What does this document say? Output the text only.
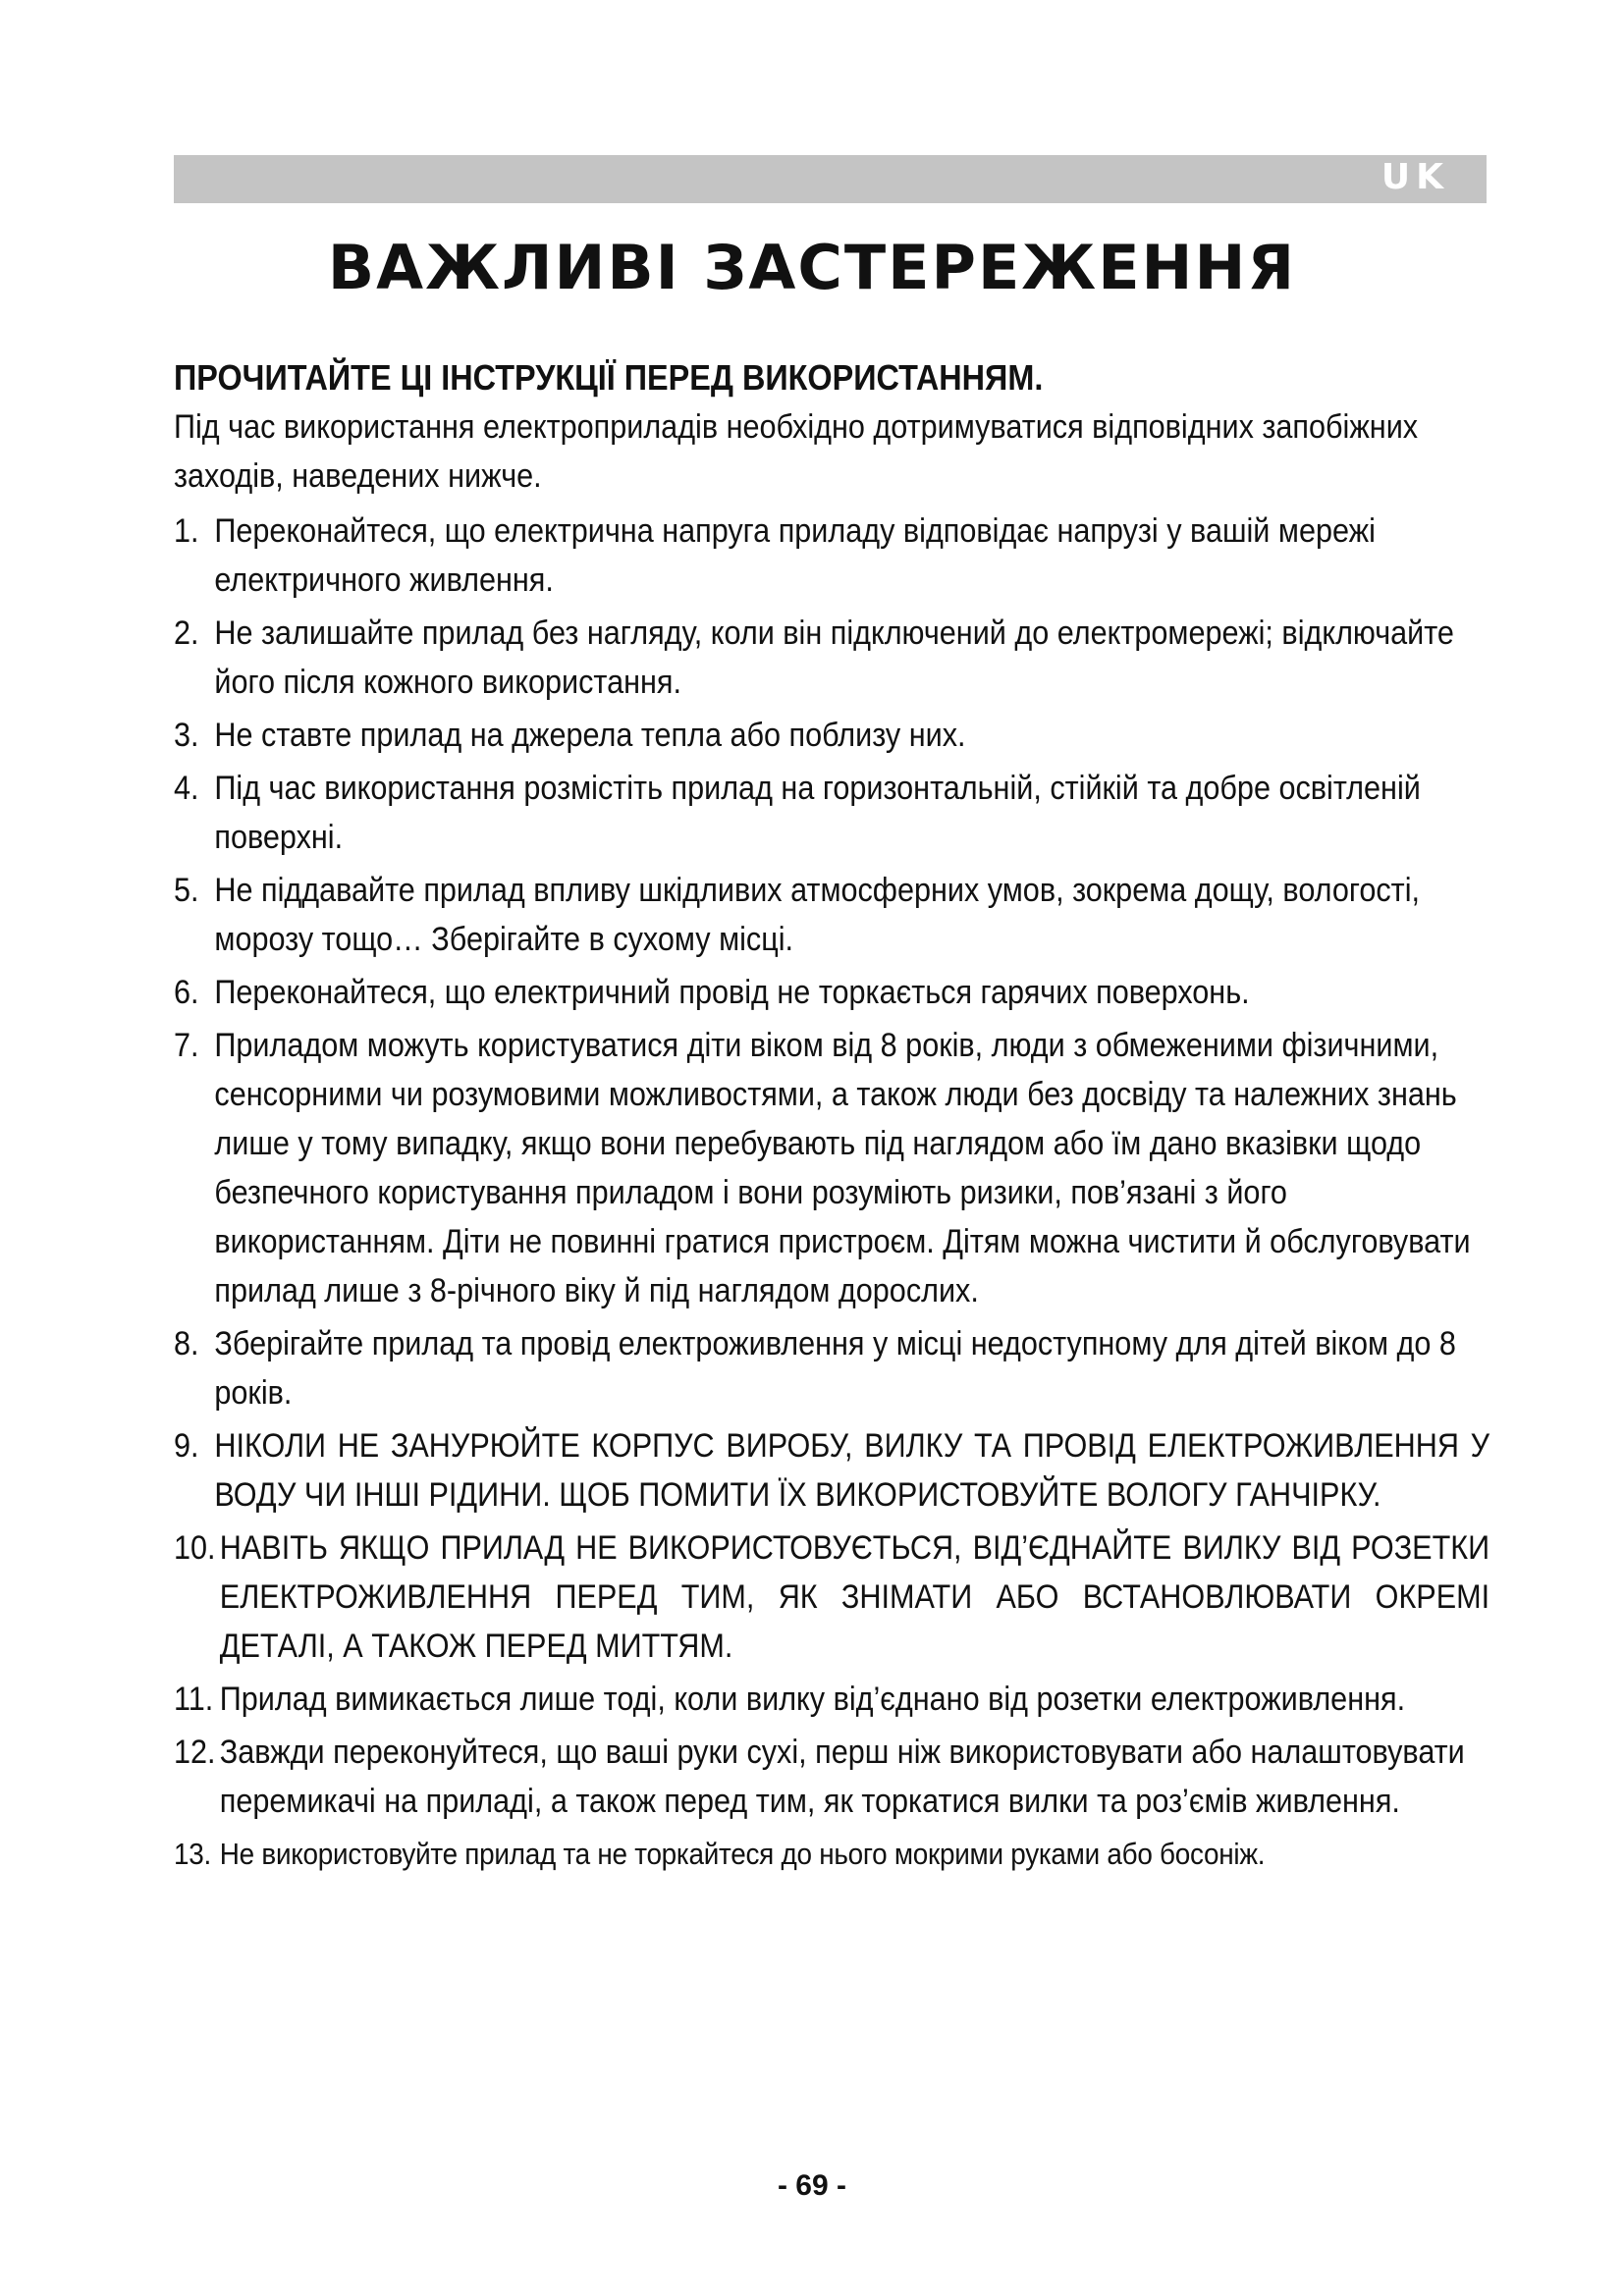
UK
ВАЖЛИВІ ЗАСТЕРЕЖЕННЯ
ПРОЧИТАЙТЕ ЦІ ІНСТРУКЦІЇ ПЕРЕД ВИКОРИСТАННЯМ.
Під час використання електроприладів необхідно дотримуватися відповідних запобіжних заходів, наведених нижче.
1. Переконайтеся, що електрична напруга приладу відповідає напрузі у вашій мережі електричного живлення.
2. Не залишайте прилад без нагляду, коли він підключений до електромережі; відключайте його після кожного використання.
3. Не ставте прилад на джерела тепла або поблизу них.
4. Під час використання розмістіть прилад на горизонтальній, стійкій та добре освітленій поверхні.
5. Не піддавайте прилад впливу шкідливих атмосферних умов, зокрема дощу, вологості, морозу тощо… Зберігайте в сухому місці.
6. Переконайтеся, що електричний провід не торкається гарячих поверхонь.
7. Приладом можуть користуватися діти віком від 8 років, люди з обмеженими фізичними, сенсорними чи розумовими можливостями, а також люди без досвіду та належних знань лише у тому випадку, якщо вони перебувають під наглядом або їм дано вказівки щодо безпечного користування приладом і вони розуміють ризики, пов’язані з його використанням. Діти не повинні гратися пристроєм. Дітям можна чистити й обслуговувати прилад лише з 8-річного віку й під наглядом дорослих.
8. Зберігайте прилад та провід електроживлення у місці недоступному для дітей віком до 8 років.
9. НІКОЛИ НЕ ЗАНУРЮЙТЕ КОРПУС ВИРОБУ, ВИЛКУ ТА ПРОВІД ЕЛЕКТРОЖИВЛЕННЯ У ВОДУ ЧИ ІНШІ РІДИНИ. ЩОБ ПОМИТИ ЇХ ВИКОРИСТОВУЙТЕ ВОЛОГУ ГАНЧІРКУ.
10. НАВІТЬ ЯКЩО ПРИЛАД НЕ ВИКОРИСТОВУЄТЬСЯ, ВІД’ЄДНАЙТЕ ВИЛКУ ВІД РОЗЕТКИ ЕЛЕКТРОЖИВЛЕННЯ ПЕРЕД ТИМ, ЯК ЗНІМАТИ АБО ВСТАНОВЛЮВАТИ ОКРЕМІ ДЕТАЛІ, А ТАКОЖ ПЕРЕД МИТТЯМ.
11. Прилад вимикається лише тоді, коли вилку від’єднано від розетки електроживлення.
12. Завжди переконуйтеся, що ваші руки сухі, перш ніж використовувати або налаштовувати перемикачі на приладі, а також перед тим, як торкатися вилки та роз’ємів живлення.
13. Не використовуйте прилад та не торкайтеся до нього мокрими руками або босоніж.
- 69 -
